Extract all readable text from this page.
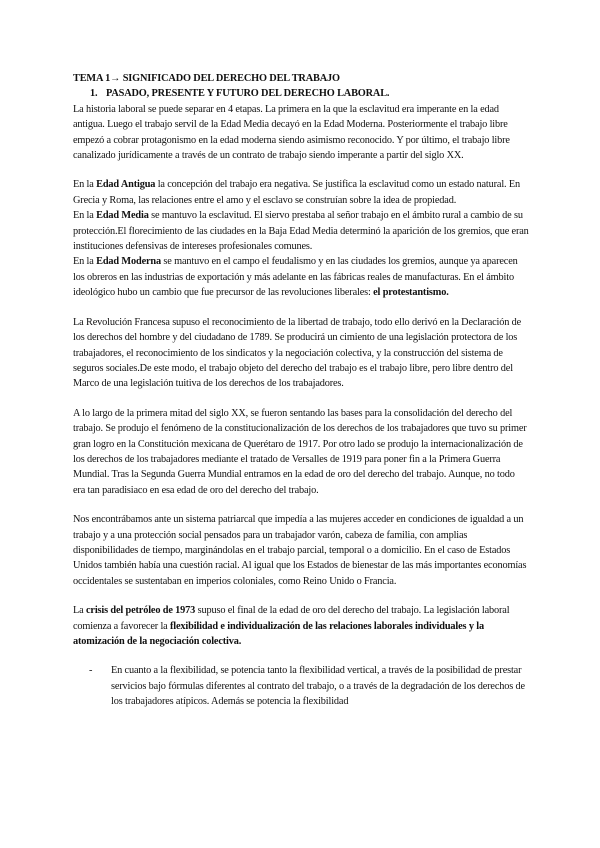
TEMA 1→ SIGNIFICADO DEL DERECHO DEL TRABAJO
1. PASADO, PRESENTE Y FUTURO DEL DERECHO LABORAL.

La historia laboral se puede separar en 4 etapas. La primera en la que la esclavitud era imperante en la edad antigua. Luego el trabajo servil de la Edad Media decayó en la Edad Moderna. Posteriormente el trabajo libre empezó a cobrar protagonismo en la edad moderna siendo asimismo reconocido. Y por último, el trabajo libre canalizado jurídicamente a través de un contrato de trabajo siendo imperante a partir del siglo XX.

En la Edad Antigua la concepción del trabajo era negativa. Se justifica la esclavitud como un estado natural. En Grecia y Roma, las relaciones entre el amo y el esclavo se construían sobre la idea de propiedad.

En la Edad Media se mantuvo la esclavitud. El siervo prestaba al señor trabajo en el ámbito rural a cambio de su protección.El florecimiento de las ciudades en la Baja Edad Media determinó la aparición de los gremios, que eran instituciones defensivas de intereses profesionales comunes.

En la Edad Moderna se mantuvo en el campo el feudalismo y en las ciudades los gremios, aunque ya aparecen los obreros en las industrias de exportación y más adelante en las fábricas reales de manufacturas. En el ámbito ideológico hubo un cambio que fue precursor de las revoluciones liberales: el protestantismo.

La Revolución Francesa supuso el reconocimiento de la libertad de trabajo, todo ello derivó en la Declaración de los derechos del hombre y del ciudadano de 1789. Se producirá un cimiento de una legislación protectora de los trabajadores, el reconocimiento de los sindicatos y la negociación colectiva, y la construcción del sistema de seguros sociales.De este modo, el trabajo objeto del derecho del trabajo es el trabajo libre, pero libre dentro del Marco de una legislación tuitiva de los derechos de los trabajadores.

A lo largo de la primera mitad del siglo XX, se fueron sentando las bases para la consolidación del derecho del trabajo. Se produjo el fenómeno de la constitucionalización de los derechos de los trabajadores que tuvo su primer gran logro en la Constitución mexicana de Querétaro de 1917. Por otro lado se produjo la internacionalización de los derechos de los trabajadores mediante el tratado de Versalles de 1919 para poner fin a la Primera Guerra Mundial. Tras la Segunda Guerra Mundial entramos en la edad de oro del derecho del trabajo. Aunque, no todo era tan paradisiaco en esa edad de oro del derecho del trabajo.

Nos encontrábamos ante un sistema patriarcal que impedía a las mujeres acceder en condiciones de igualdad a un trabajo y a una protección social pensados para un trabajador varón, cabeza de familia, con amplias disponibilidades de tiempo, marginándolas en el trabajo parcial, temporal o a domicilio. En el caso de Estados Unidos también había una cuestión racial. Al igual que los Estados de bienestar de las más importantes economías occidentales se sustentaban en imperios coloniales, como Reino Unido o Francia.

La crisis del petróleo de 1973 supuso el final de la edad de oro del derecho del trabajo. La legislación laboral comienza a favorecer la flexibilidad e individualización de las relaciones laborales individuales y la atomización de la negociación colectiva.

-	En cuanto a la flexibilidad, se potencia tanto la flexibilidad vertical, a través de la posibilidad de prestar servicios bajo fórmulas diferentes al contrato del trabajo, o a través de la degradación de los derechos de los trabajadores atípicos. Además se potencia la flexibilidad
